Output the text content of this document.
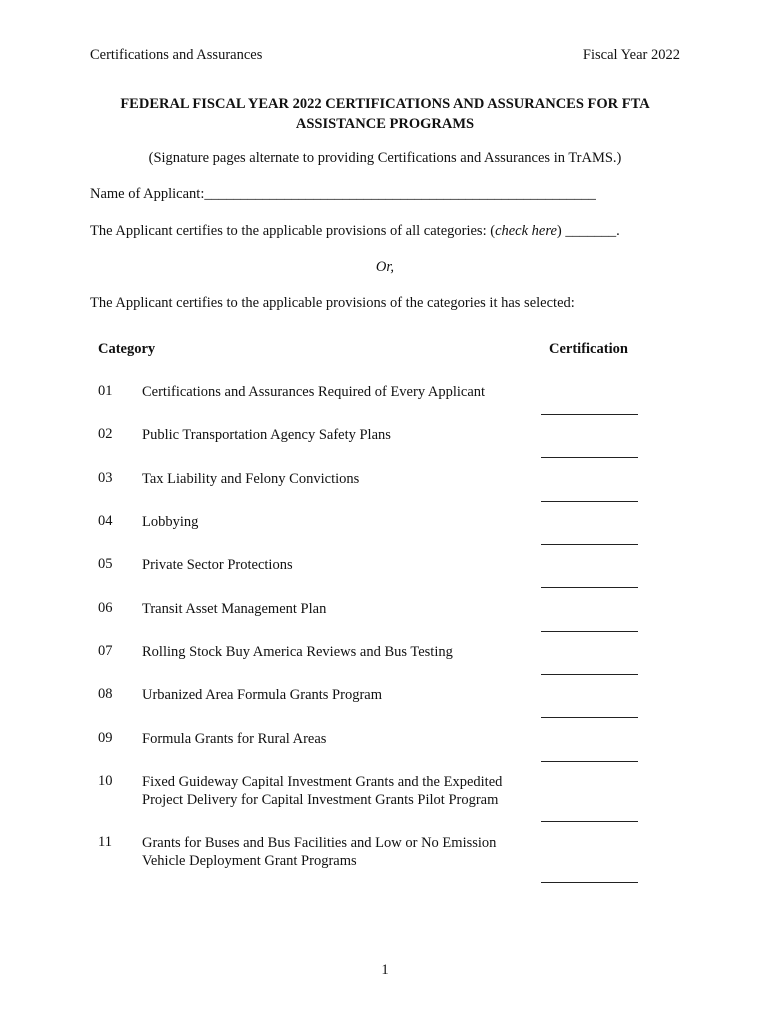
Certifications and Assurances	Fiscal Year 2022
FEDERAL FISCAL YEAR 2022 CERTIFICATIONS AND ASSURANCES FOR FTA ASSISTANCE PROGRAMS
(Signature pages alternate to providing Certifications and Assurances in TrAMS.)
Name of Applicant:______________________________________________________
The Applicant certifies to the applicable provisions of all categories: (check here) _______.
Or,
The Applicant certifies to the applicable provisions of the categories it has selected:
Category	Certification
01 Certifications and Assurances Required of Every Applicant
02 Public Transportation Agency Safety Plans
03 Tax Liability and Felony Convictions
04 Lobbying
05 Private Sector Protections
06 Transit Asset Management Plan
07 Rolling Stock Buy America Reviews and Bus Testing
08 Urbanized Area Formula Grants Program
09 Formula Grants for Rural Areas
10 Fixed Guideway Capital Investment Grants and the Expedited Project Delivery for Capital Investment Grants Pilot Program
11 Grants for Buses and Bus Facilities and Low or No Emission Vehicle Deployment Grant Programs
1
